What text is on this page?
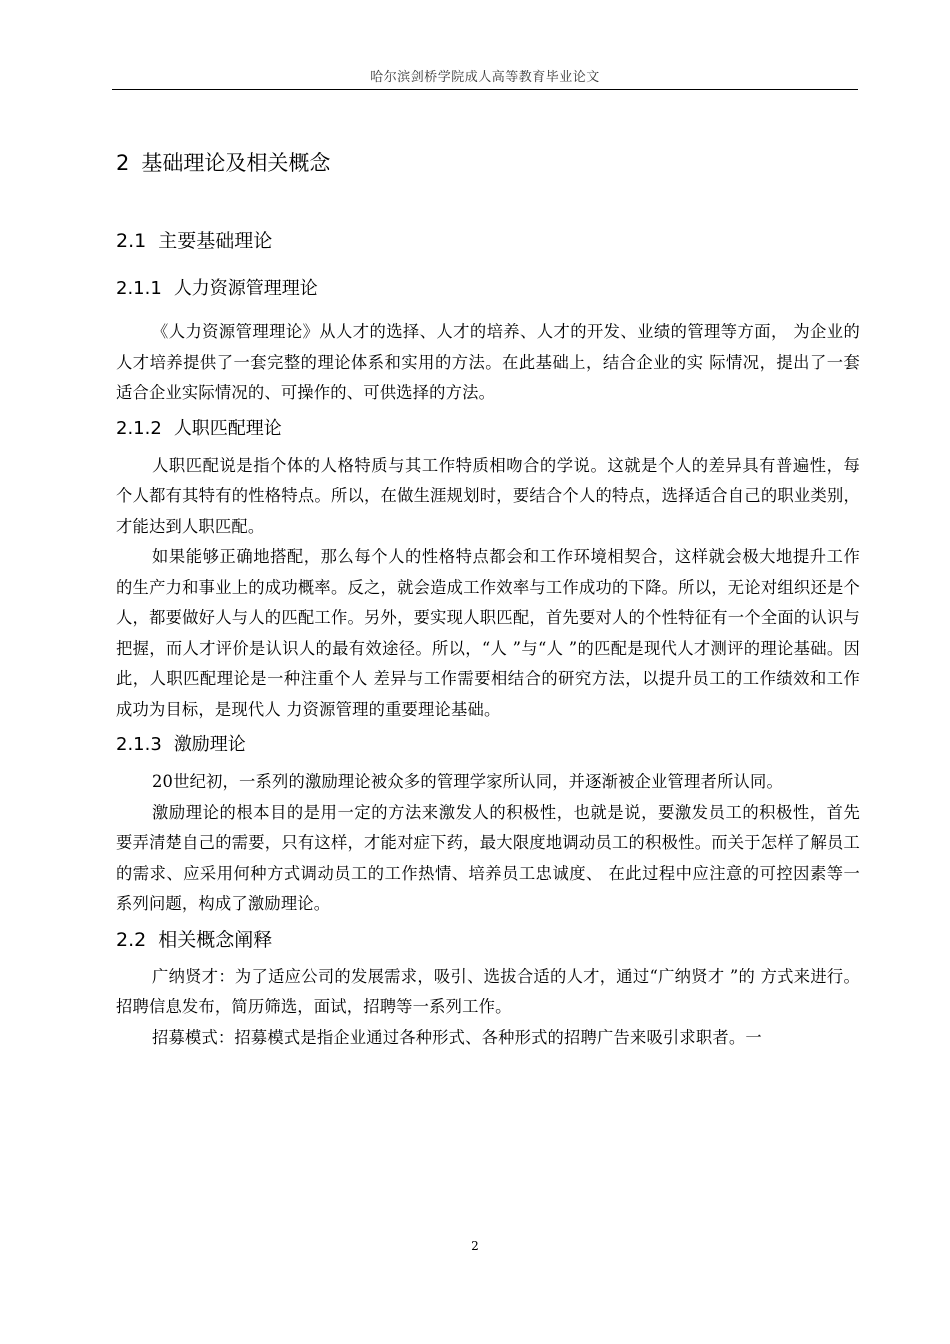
哈尔滨剑桥学院成人高等教育毕业论文
2 基础理论及相关概念
2.1 主要基础理论
2.1.1 人力资源管理理论

《人力资源管理理论》从人才的选择、人才的培养、人才的开发、业绩的管理等方面， 为企业的人才培养提供了一套完整的理论体系和实用的方法。在此基础上，结合企业的实 际情况，提出了一套适合企业实际情况的、可操作的、可供选择的方法。

2.1.2 人职匹配理论

人职匹配说是指个体的人格特质与其工作特质相吻合的学说。这就是个人的差异具有普遍性，每个人都有其特有的性格特点。所以，在做生涯规划时，要结合个人的特点，选择适合自己的职业类别，才能达到人职匹配。

如果能够正确地搭配，那么每个人的性格特点都会和工作环境相契合，这样就会极大地提升工作的生产力和事业上的成功概率。反之，就会造成工作效率与工作成功的下降。所以，无论对组织还是个人，都要做好人与人的匹配工作。另外，要实现人职匹配，首先要对人的个性特征有一个全面的认识与把握，而人才评价是认识人的最有效途径。所以，“人 ”与“人 ”的匹配是现代人才测评的理论基础。因此，人职匹配理论是一种注重个人 差异与工作需要相结合的研究方法，以提升员工的工作绩效和工作成功为目标，是现代人 力资源管理的重要理论基础。

2.1.3 激励理论

20世纪初，一系列的激励理论被众多的管理学家所认同，并逐渐被企业管理者所认同。

激励理论的根本目的是用一定的方法来激发人的积极性，也就是说，要激发员工的积极性，首先要弄清楚自己的需要，只有这样，才能对症下药，最大限度地调动员工的积极性。而关于怎样了解员工的需求、应采用何种方式调动员工的工作热情、培养员工忠诚度、 在此过程中应注意的可控因素等一系列问题，构成了激励理论。

2.2 相关概念阐释

广纳贤才：为了适应公司的发展需求，吸引、选拔合适的人才，通过“广纳贤才 ”的 方式来进行。招聘信息发布，简历筛选，面试，招聘等一系列工作。

招募模式：招募模式是指企业通过各种形式、各种形式的招聘广告来吸引求职者。一

2
